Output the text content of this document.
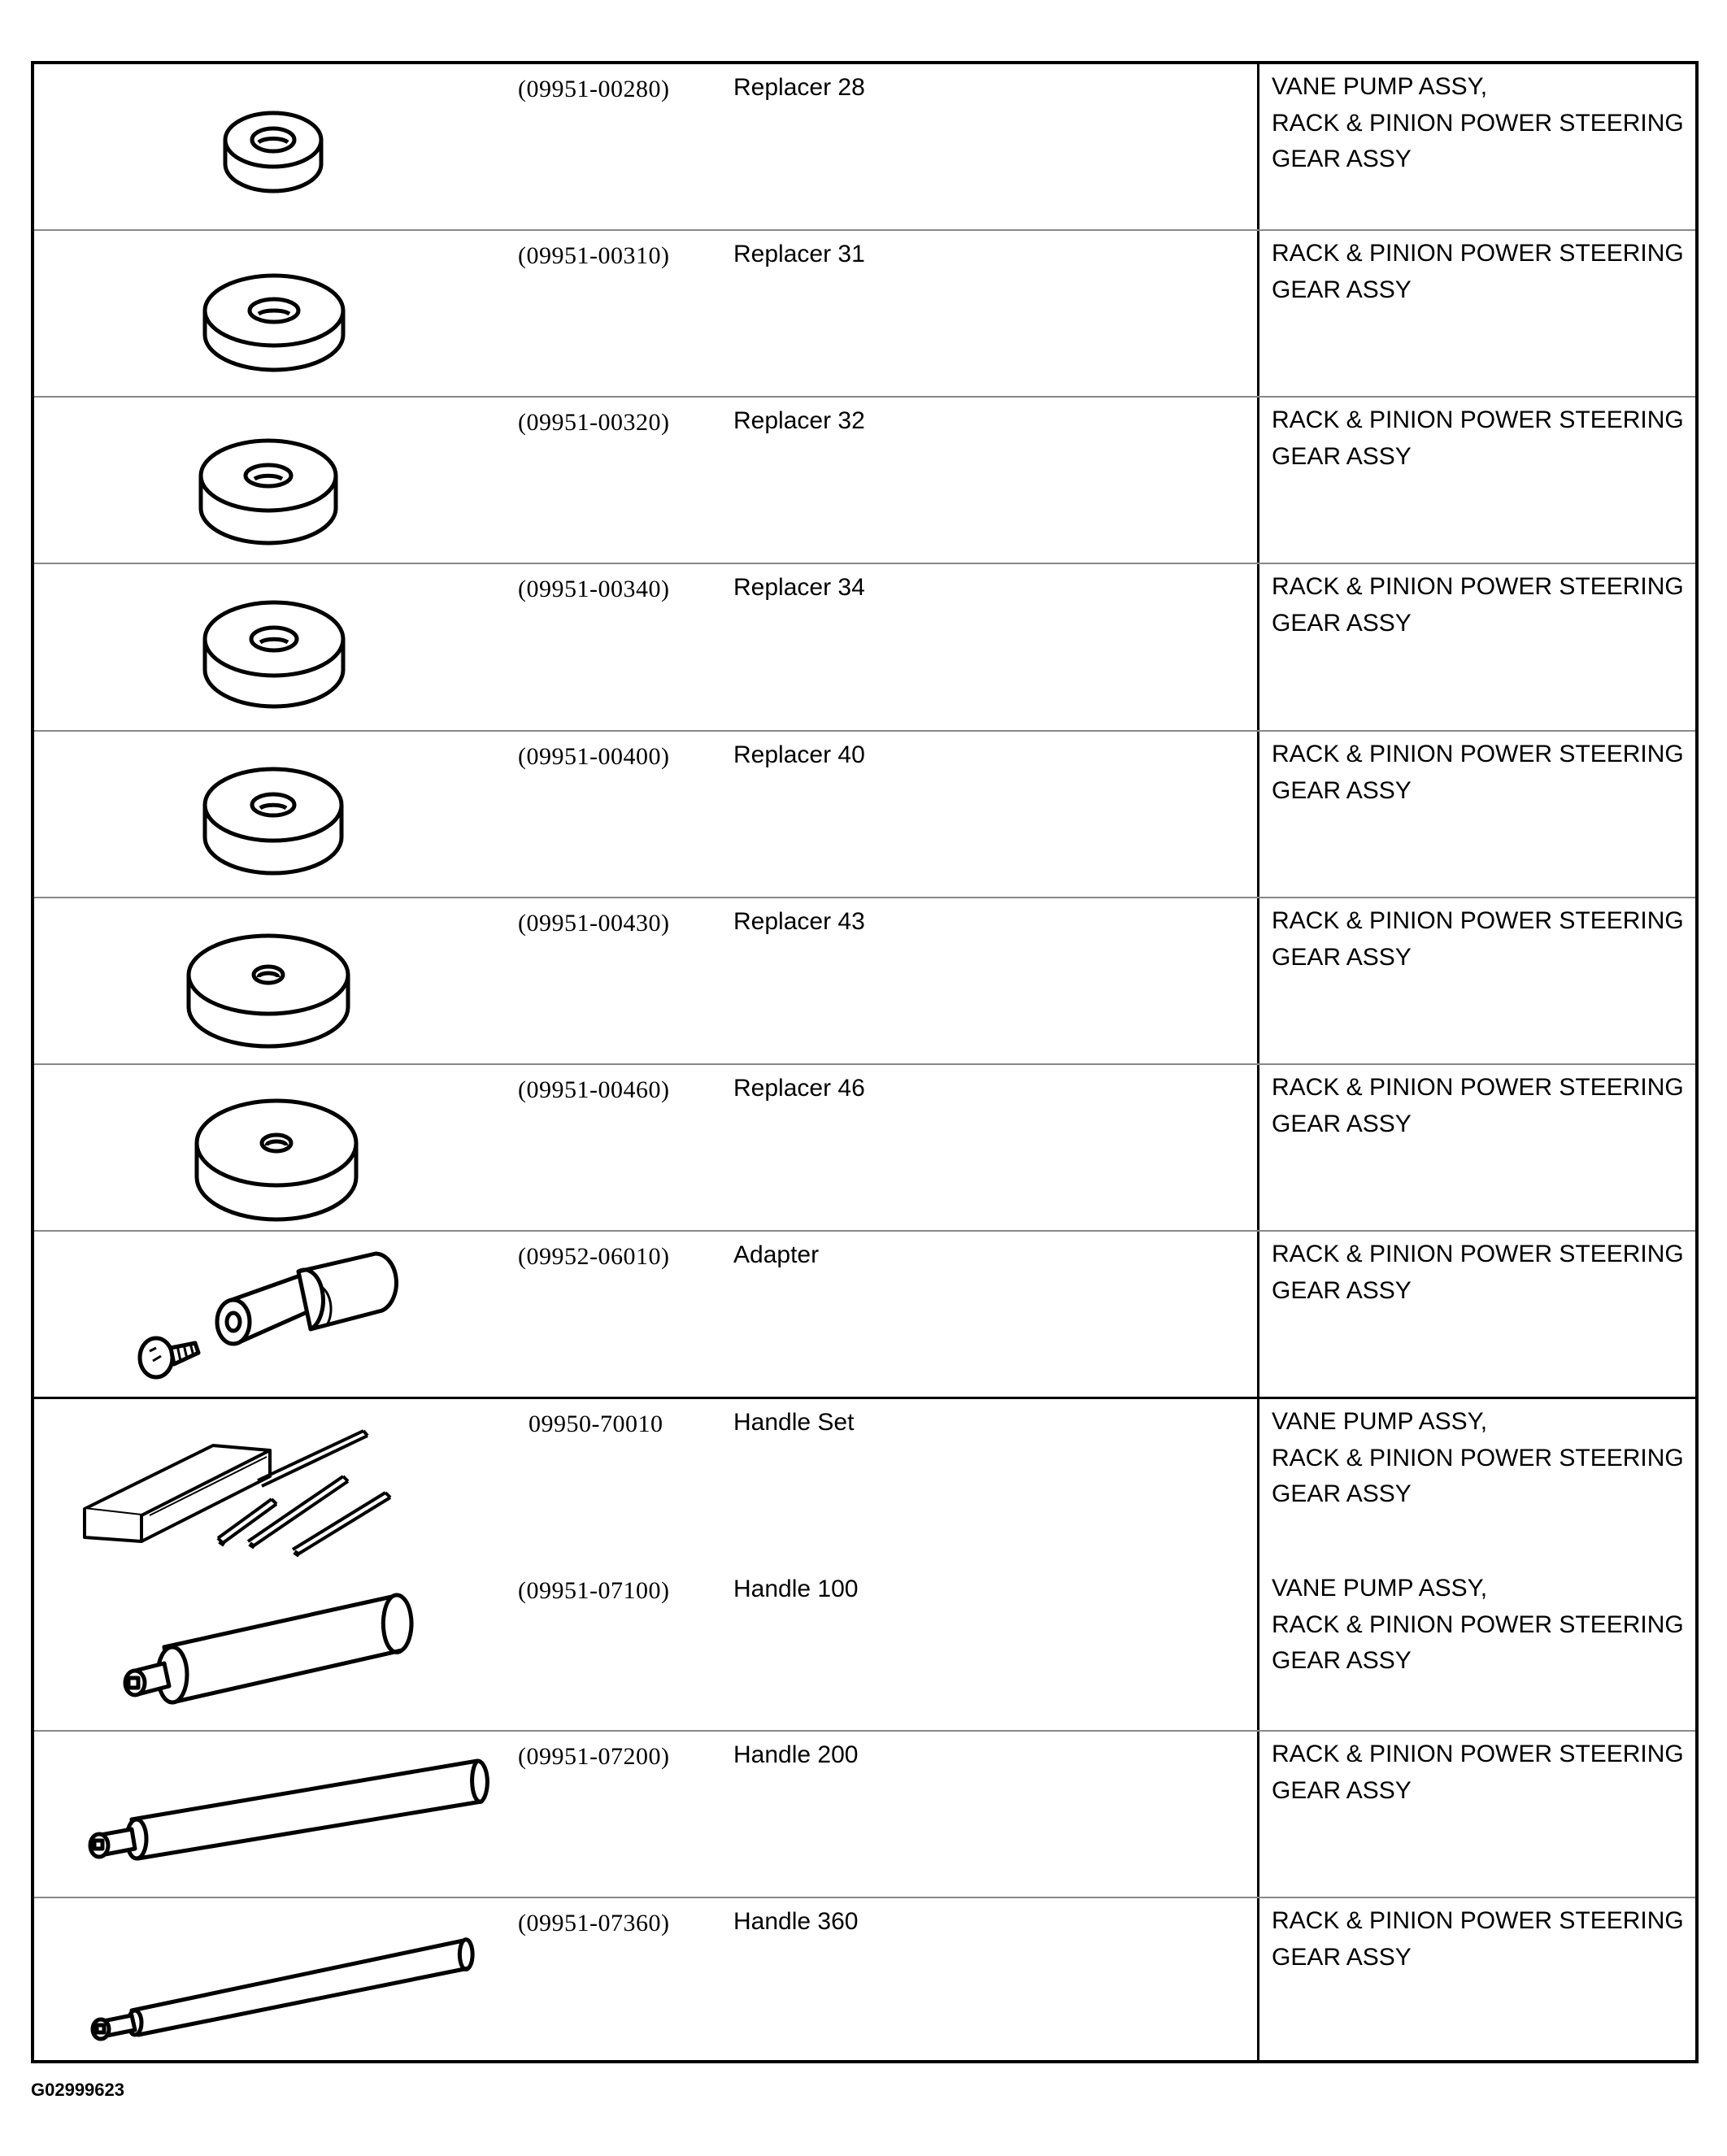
(09951-00280)	Replacer 28	VANE PUMP ASSY,
RACK & PINION POWER STEERING
GEAR ASSY
(09951-00310)	Replacer 31	RACK & PINION POWER STEERING
GEAR ASSY
(09951-00320)	Replacer 32	RACK & PINION POWER STEERING
GEAR ASSY
(09951-00340)	Replacer 34	RACK & PINION POWER STEERING
GEAR ASSY
(09951-00400)	Replacer 40	RACK & PINION POWER STEERING
GEAR ASSY
(09951-00430)	Replacer 43	RACK & PINION POWER STEERING
GEAR ASSY
(09951-00460)	Replacer 46	RACK & PINION POWER STEERING
GEAR ASSY
(09952-06010)	Adapter	RACK & PINION POWER STEERING
GEAR ASSY
09950-70010	Handle Set	VANE PUMP ASSY,
RACK & PINION POWER STEERING
GEAR ASSY
(09951-07100)	Handle 100	VANE PUMP ASSY,
RACK & PINION POWER STEERING
GEAR ASSY
(09951-07200)	Handle 200	RACK & PINION POWER STEERING
GEAR ASSY
(09951-07360)	Handle 360	RACK & PINION POWER STEERING
GEAR ASSY
G02999623
